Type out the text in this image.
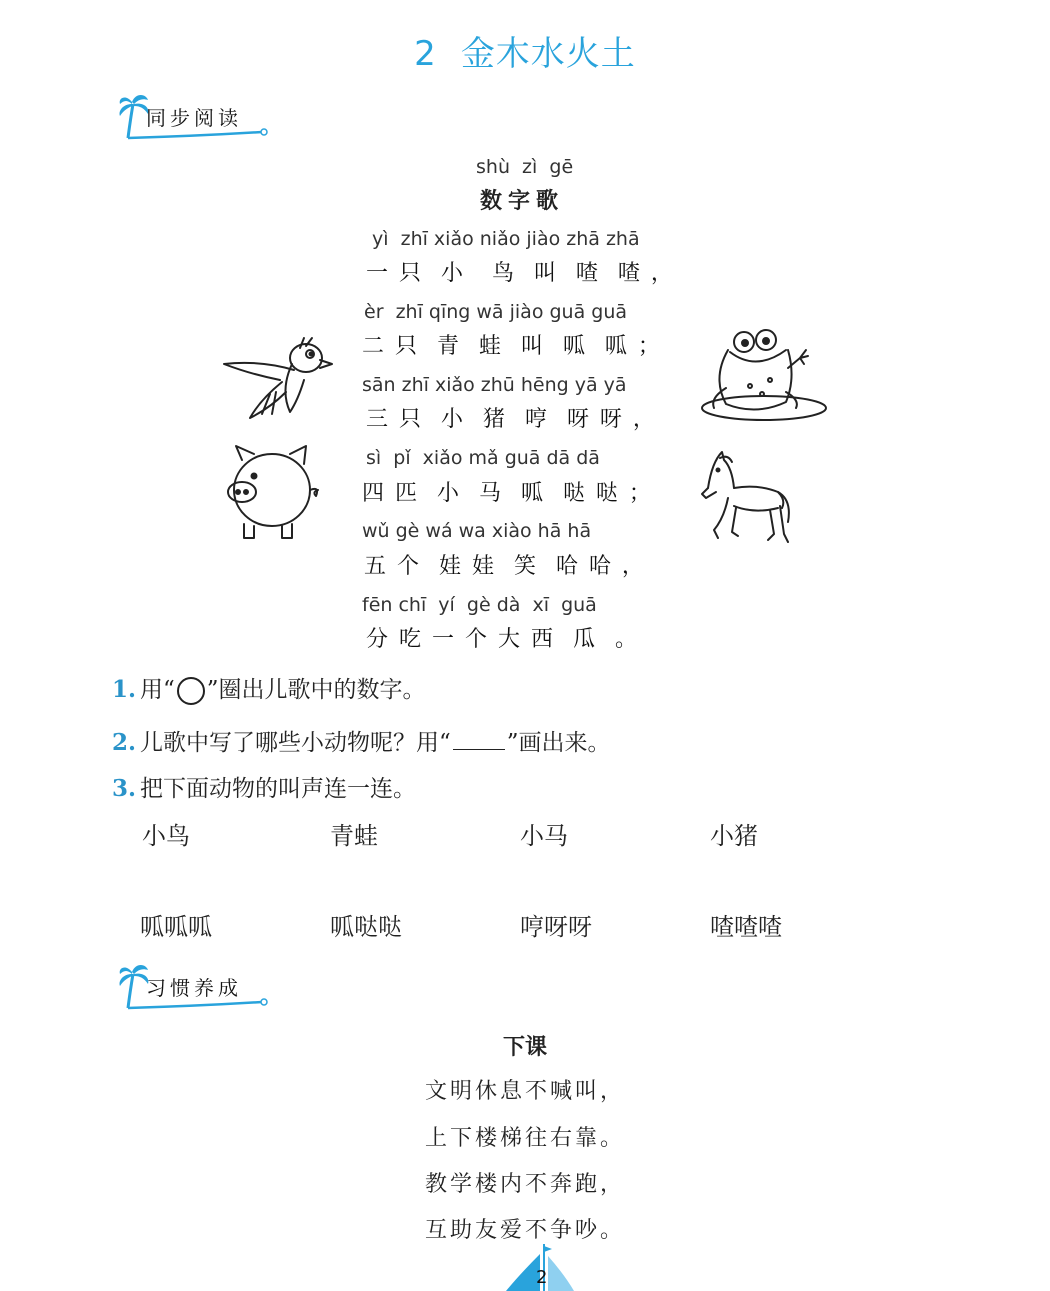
2 金木水火土
同步阅读
shù  zì  gē
数字歌
yì  zhī xiǎo niǎo jiào zhā zhā
一 只  小   鸟  叫  喳  喳 ，
èr  zhī qīng wā jiào guā guā
二 只  青  蛙  叫  呱  呱 ；
sān zhī xiǎo zhū hēng yā yā
三 只  小  猪  哼  呀 呀 ，
sì  pǐ  xiǎo mǎ guā dā dā
四 匹  小  马  呱  哒 哒 ；
wǔ gè wá wa xiào hā hā
五 个  娃 娃  笑  哈 哈 ，
fēn chī  yí  gè dà  xī  guā
分 吃 一 个 大 西  瓜  。
1. 用“ ”圈出儿歌中的数字。
2. 儿歌中写了哪些小动物呢？用“ ”画出来。
3. 把下面动物的叫声连一连。
小鸟	青蛙	小马	小猪
呱呱呱	呱哒哒	哼呀呀	喳喳喳
习惯养成
下课
文明休息不喊叫，
上下楼梯往右靠。
教学楼内不奔跑，
互助友爱不争吵。
2
